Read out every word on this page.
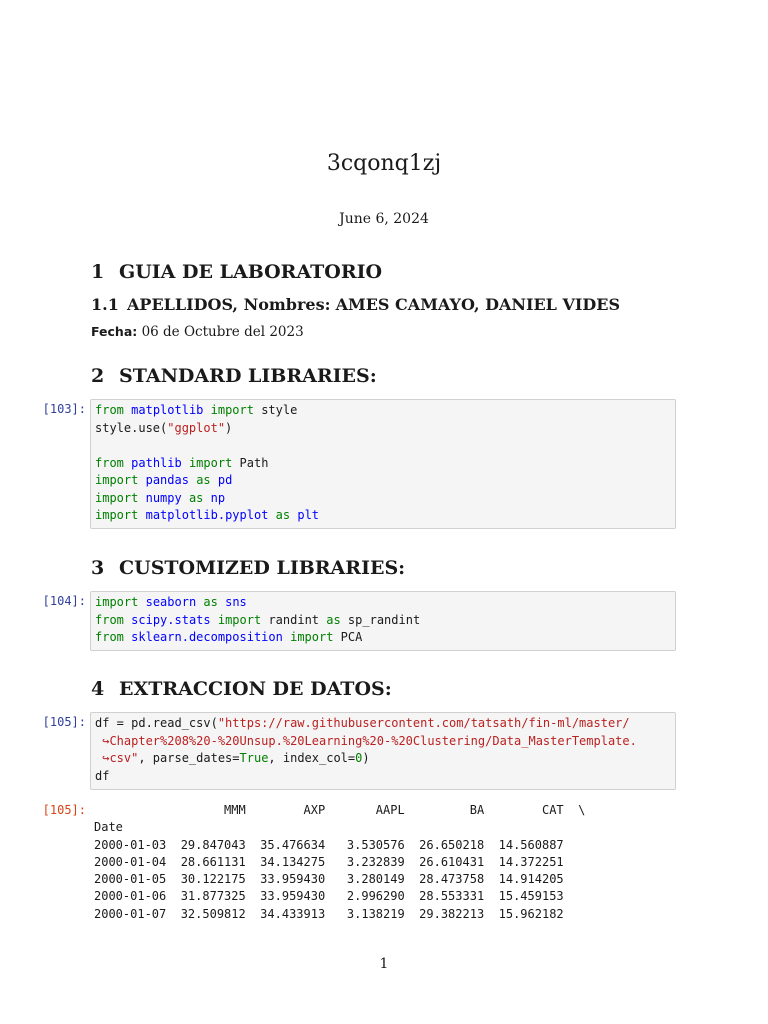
3cqonq1zj
June 6, 2024
1 GUIA DE LABORATORIO
1.1 APELLIDOS, Nombres: AMES CAMAYO, DANIEL VIDES
Fecha: 06 de Octubre del 2023
2 STANDARD LIBRARIES:
[103]: from matplotlib import style
style.use("ggplot")

from pathlib import Path
import pandas as pd
import numpy as np
import matplotlib.pyplot as plt
3 CUSTOMIZED LIBRARIES:
[104]: import seaborn as sns
from scipy.stats import randint as sp_randint
from sklearn.decomposition import PCA
4 EXTRACCION DE DATOS:
[105]: df = pd.read_csv("https://raw.githubusercontent.com/tatsath/fin-ml/master/
↪Chapter%208%20-%20Unsup.%20Learning%20-%20Clustering/Data_MasterTemplate.
↪csv", parse_dates=True, index_col=0)
df
[105]:	MMM        AXP       AAPL         BA        CAT  \
Date
2000-01-03  29.847043  35.476634   3.530576  26.650218  14.560887
2000-01-04  28.661131  34.134275   3.232839  26.610431  14.372251
2000-01-05  30.122175  33.959430   3.280149  28.473758  14.914205
2000-01-06  31.877325  33.959430   2.996290  28.553331  15.459153
2000-01-07  32.509812  34.433913   3.138219  29.382213  15.962182
1
